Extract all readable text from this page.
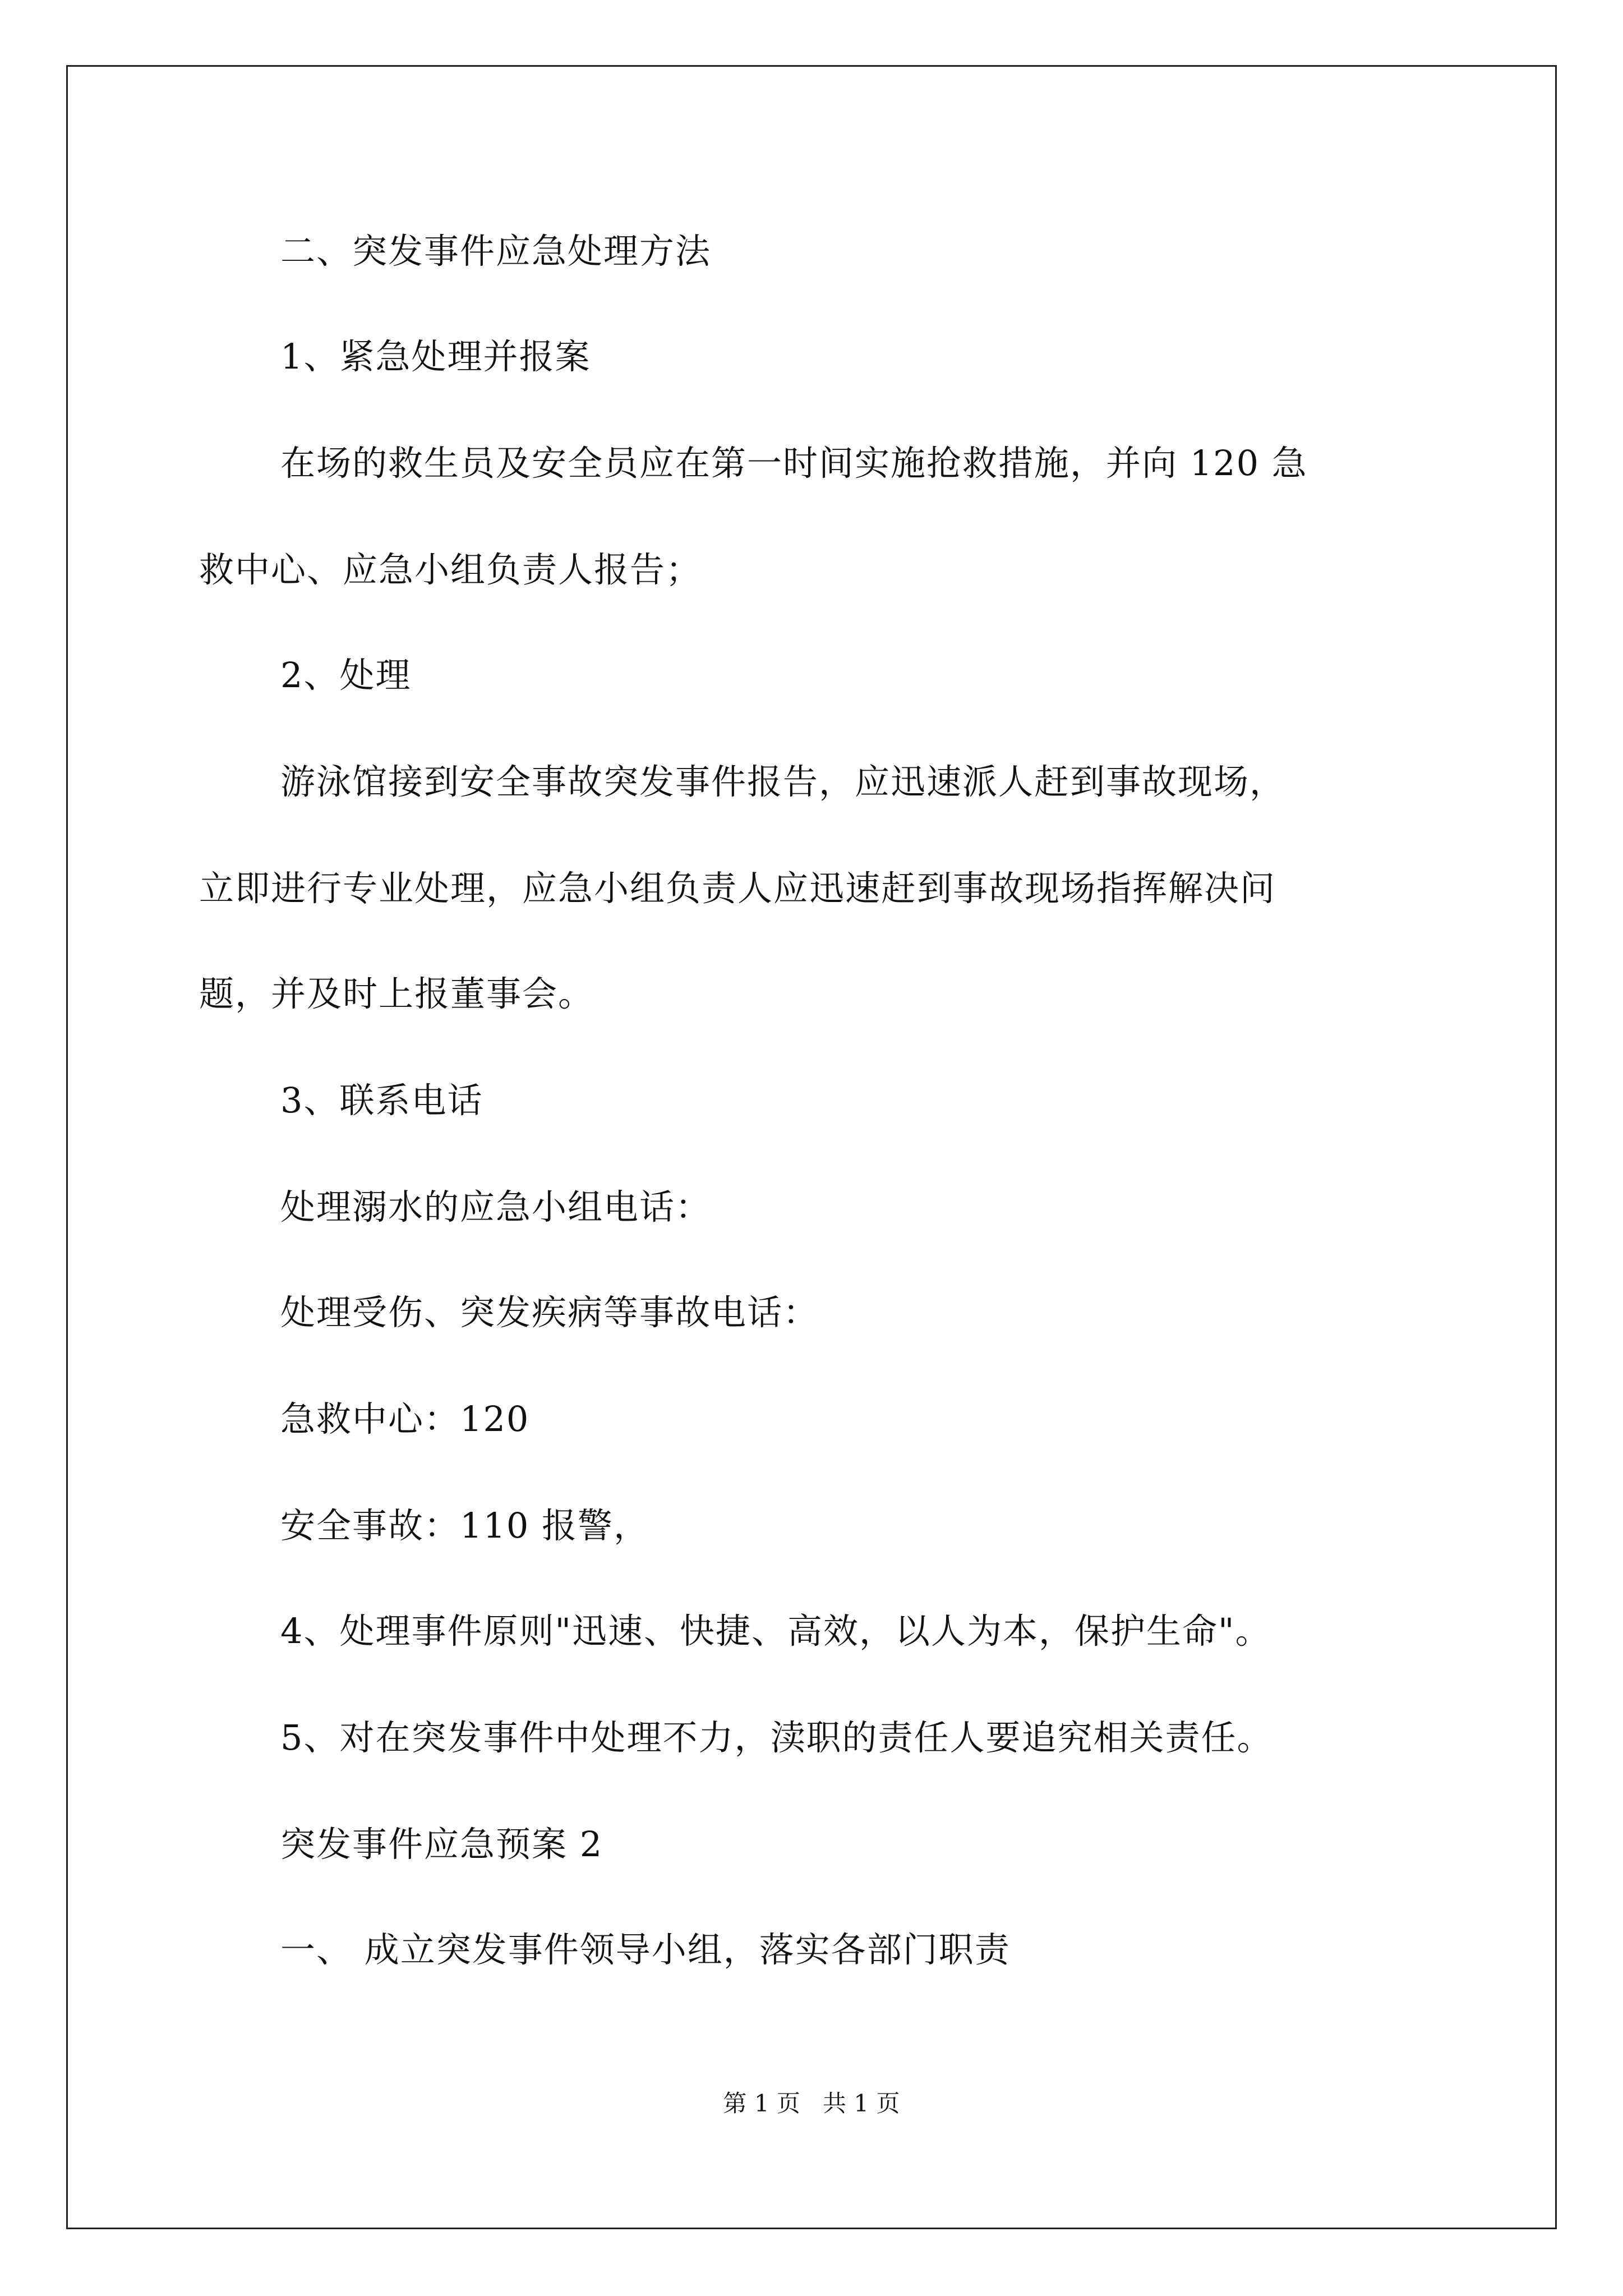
二、突发事件应急处理方法
1、紧急处理并报案
在场的救生员及安全员应在第一时间实施抢救措施，并向 120 急
救中心、应急小组负责人报告；
2、处理
游泳馆接到安全事故突发事件报告，应迅速派人赶到事故现场，
立即进行专业处理，应急小组负责人应迅速赶到事故现场指挥解决问
题，并及时上报董事会。
3、联系电话
处理溺水的应急小组电话：
处理受伤、突发疾病等事故电话：
急救中心：120
安全事故：110 报警，
4、处理事件原则"迅速、快捷、高效，以人为本，保护生命"。
5、对在突发事件中处理不力，渎职的责任人要追究相关责任。
突发事件应急预案 2
一、 成立突发事件领导小组，落实各部门职责
第 1 页   共 1 页
